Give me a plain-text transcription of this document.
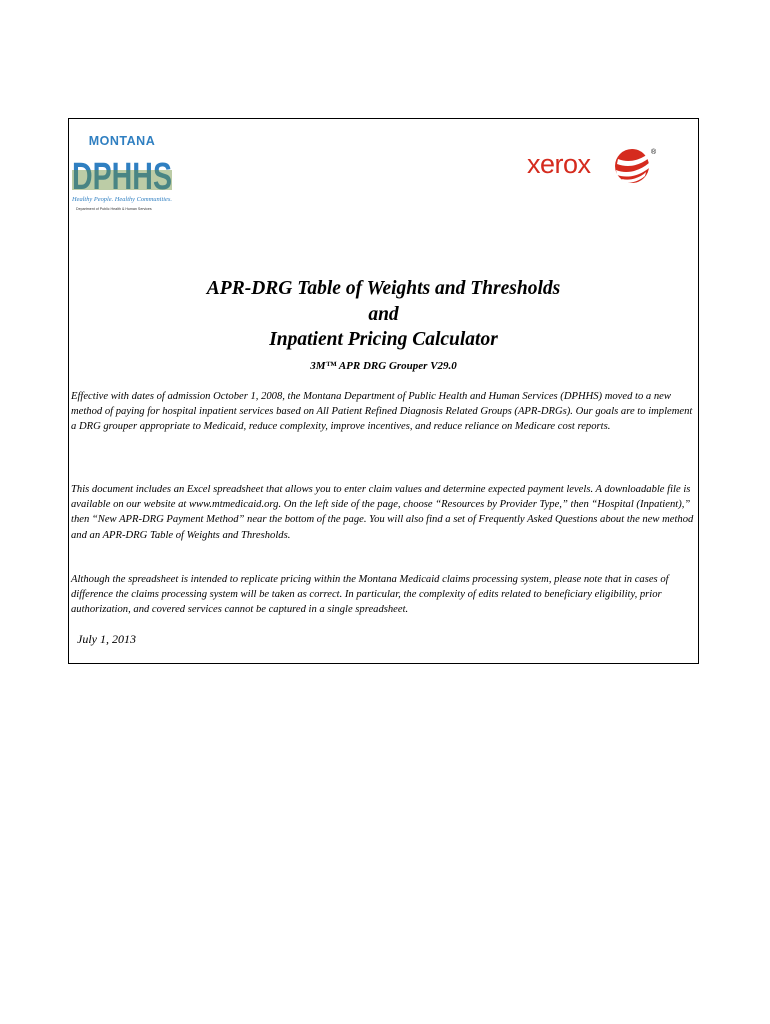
MONTANA
DPHHS
Healthy People. Healthy Communities.
Department of Public Health & Human Services
xerox	®
APR-DRG Table of Weights and Thresholds
and
Inpatient Pricing Calculator
3M™ APR DRG Grouper V29.0

Effective with dates of admission October 1, 2008, the Montana Department of Public Health and Human Services (DPHHS) moved to a new method of paying for hospital inpatient services based on All Patient Refined Diagnosis Related Groups (APR-DRGs). Our goals are to implement a DRG grouper appropriate to Medicaid, reduce complexity, improve incentives, and reduce reliance on Medicare cost reports.

This document includes an Excel spreadsheet that allows you to enter claim values and determine expected payment levels. A downloadable file is available on our website at www.mtmedicaid.org. On the left side of the page, choose “Resources by Provider Type,” then “Hospital (Inpatient),” then “New APR-DRG Payment Method” near the bottom of the page. You will also find a set of Frequently Asked Questions about the new method and an APR-DRG Table of Weights and Thresholds.

Although the spreadsheet is intended to replicate pricing within the Montana Medicaid claims processing system, please note that in cases of difference the claims processing system will be taken as correct. In particular, the complexity of edits related to beneficiary eligibility, prior authorization, and covered services cannot be captured in a single spreadsheet.

July 1, 2013
